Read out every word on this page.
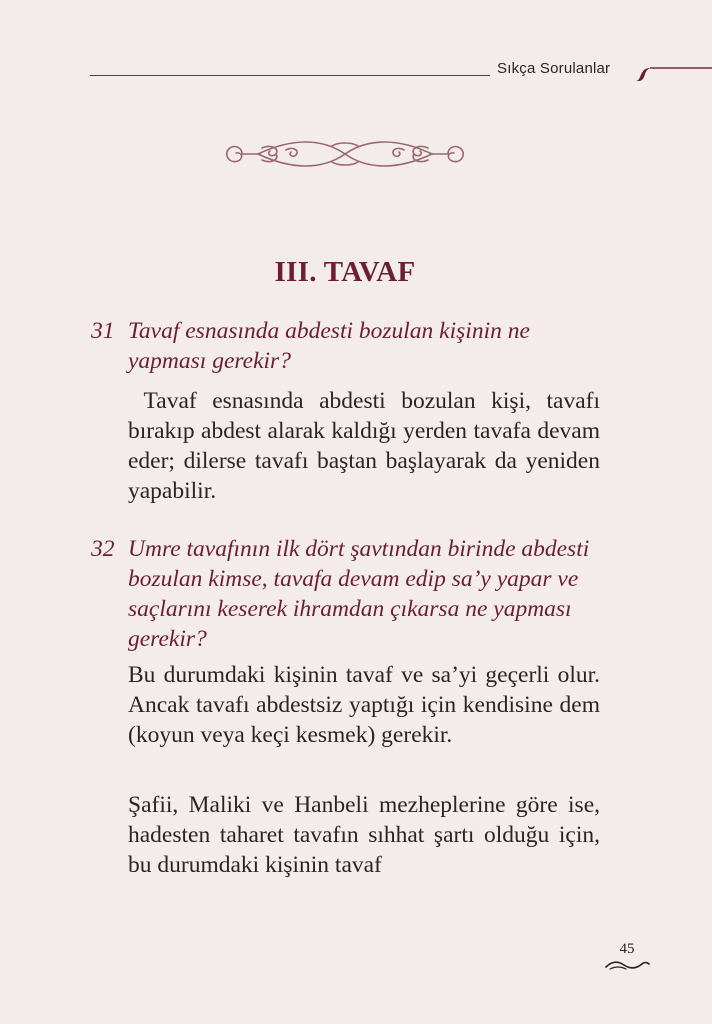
Sıkça Sorulanlar
III. TAVAF
31 Tavaf esnasında abdesti bozulan kişinin ne yapması gerekir?
Tavaf esnasında abdesti bozulan kişi, tavafı bırakıp abdest alarak kaldığı yerden tavafa devam eder; dilerse tavafı baştan başlayarak da yeniden yapabilir.
32 Umre tavafının ilk dört şavtından birinde abdesti bozulan kimse, tavafa devam edip sa’y yapar ve saçlarını keserek ihramdan çıkarsa ne yapması gerekir?
Bu durumdaki kişinin tavaf ve sa’yi geçerli olur. Ancak tavafı abdestsiz yaptığı için kendisine dem (koyun veya keçi kesmek) gerekir.
Şafii, Maliki ve Hanbeli mezheplerine göre ise, hadesten taharet tavafın sıhhat şartı olduğu için, bu durumdaki kişinin tavaf
45
